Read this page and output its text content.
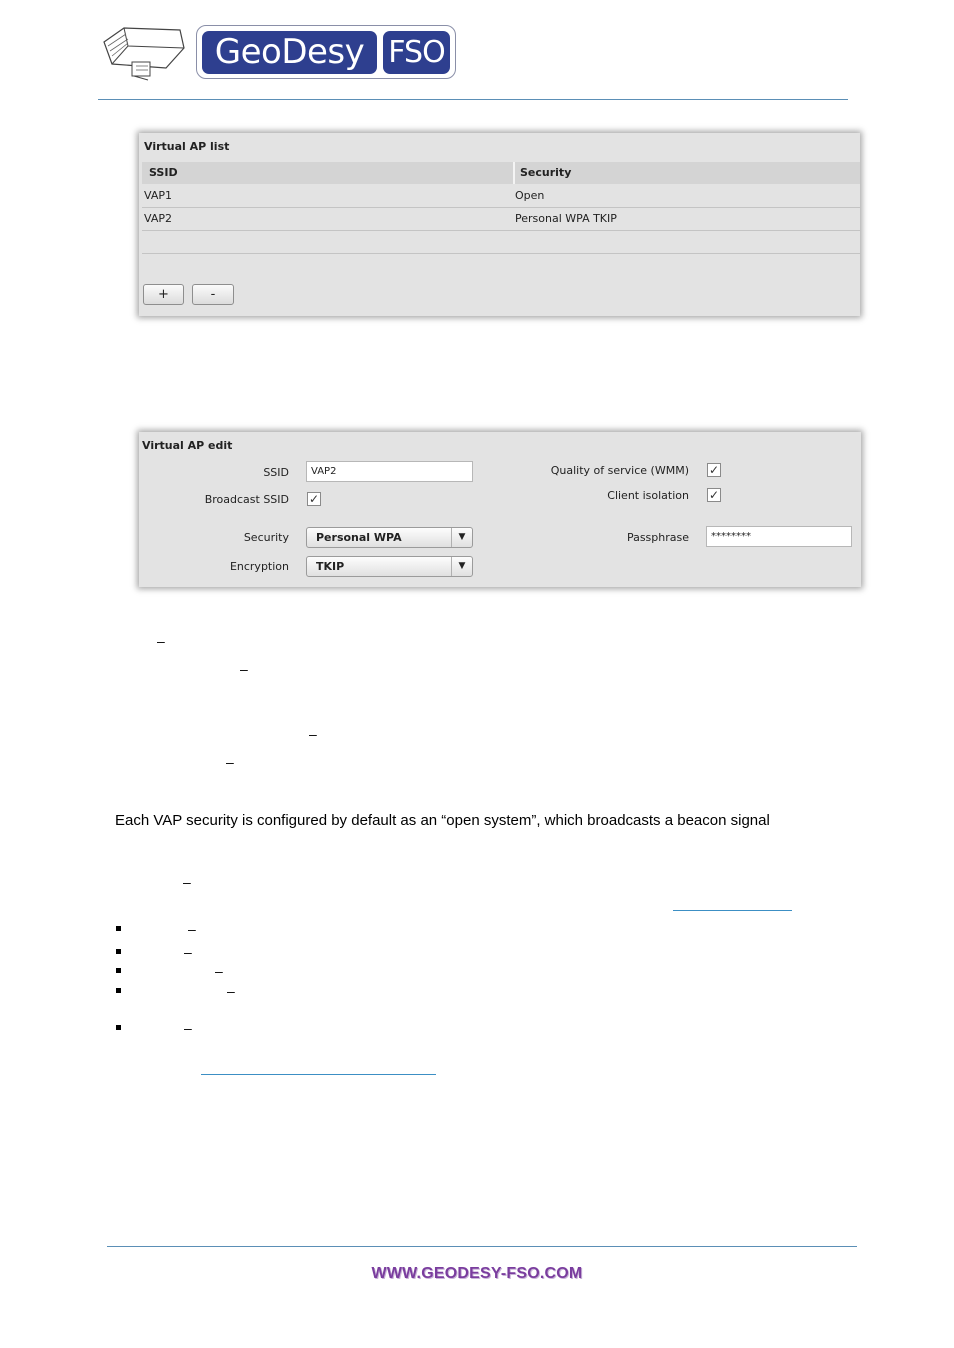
GeoDesy FSO
Virtual AP list
SSID	Security
VAP1	Open
VAP2	Personal WPA TKIP
+	-
Virtual AP edit
SSID	VAP2
Broadcast SSID ✓
Security	Personal WPA	▼
Encryption	TKIP	▼
Quality of service (WMM) ✓
Client isolation ✓
Passphrase	********
–
–
–
–
Each VAP security is configured by default as an “open system”, which broadcasts a beacon signal
–
–
–
–
–
–
WWW.GEODESY-FSO.COM
